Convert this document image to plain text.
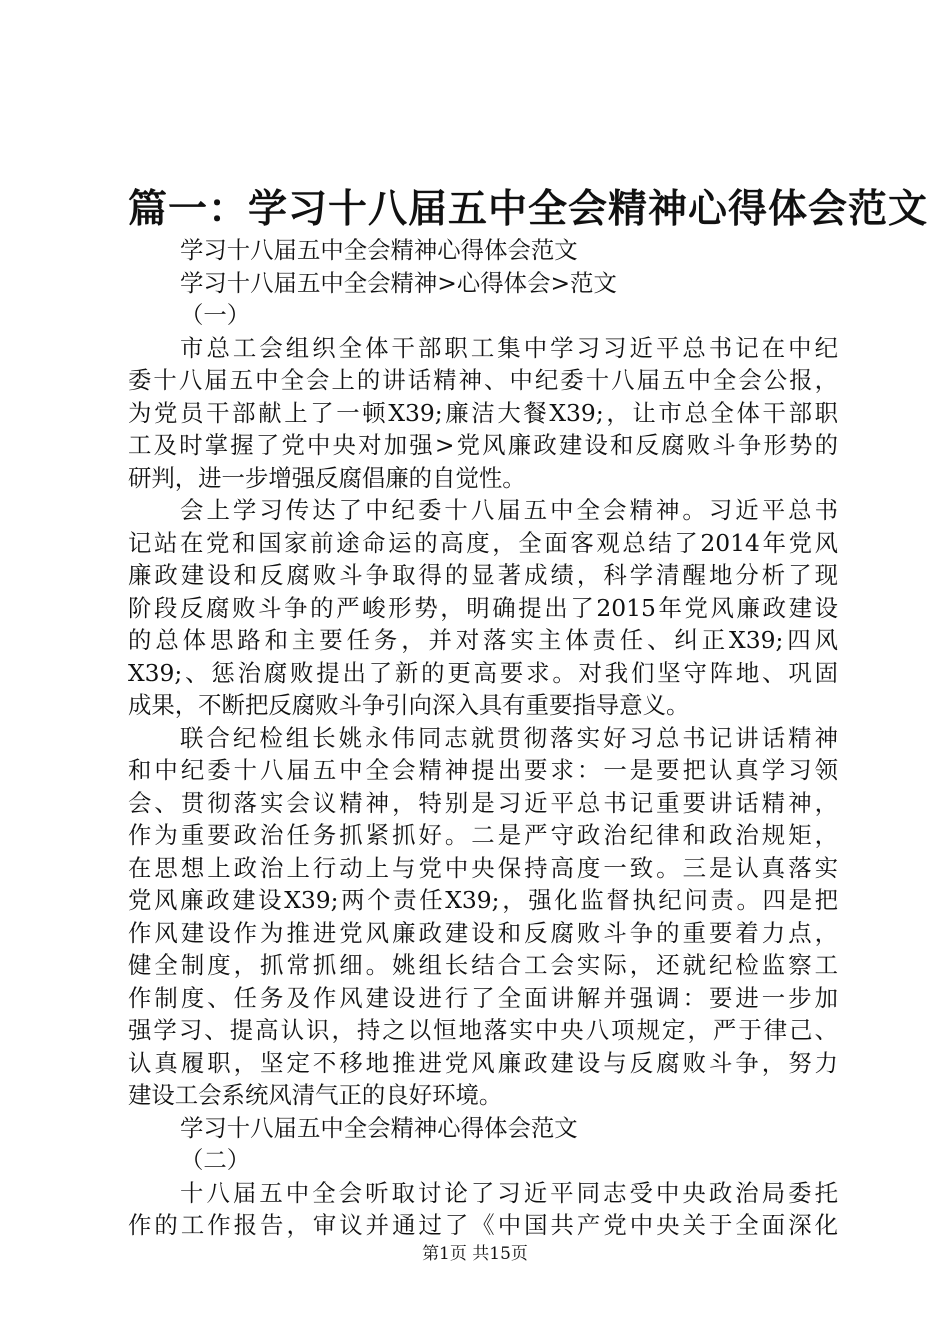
篇一：学习十八届五中全会精神心得体会范文
学习十八届五中全会精神心得体会范文
学习十八届五中全会精神>心得体会>范文
（一）
市总工会组织全体干部职工集中学习习近平总书记在中纪
委十八届五中全会上的讲话精神、中纪委十八届五中全会公报，
为党员干部献上了一顿X39;廉洁大餐X39;，让市总全体干部职
工及时掌握了党中央对加强>党风廉政建设和反腐败斗争形势的
研判，进一步增强反腐倡廉的自觉性。
会上学习传达了中纪委十八届五中全会精神。习近平总书
记站在党和国家前途命运的高度，全面客观总结了2014年党风
廉政建设和反腐败斗争取得的显著成绩，科学清醒地分析了现
阶段反腐败斗争的严峻形势，明确提出了2015年党风廉政建设
的总体思路和主要任务，并对落实主体责任、纠正X39;四风
X39;、惩治腐败提出了新的更高要求。对我们坚守阵地、巩固
成果，不断把反腐败斗争引向深入具有重要指导意义。
联合纪检组长姚永伟同志就贯彻落实好习总书记讲话精神
和中纪委十八届五中全会精神提出要求：一是要把认真学习领
会、贯彻落实会议精神，特别是习近平总书记重要讲话精神，
作为重要政治任务抓紧抓好。二是严守政治纪律和政治规矩，
在思想上政治上行动上与党中央保持高度一致。三是认真落实
党风廉政建设X39;两个责任X39;，强化监督执纪问责。四是把
作风建设作为推进党风廉政建设和反腐败斗争的重要着力点，
健全制度，抓常抓细。姚组长结合工会实际，还就纪检监察工
作制度、任务及作风建设进行了全面讲解并强调：要进一步加
强学习、提高认识，持之以恒地落实中央八项规定，严于律己、
认真履职，坚定不移地推进党风廉政建设与反腐败斗争，努力
建设工会系统风清气正的良好环境。
学习十八届五中全会精神心得体会范文
（二）
十八届五中全会听取讨论了习近平同志受中央政治局委托
作的工作报告，审议并通过了《中国共产党中央关于全面深化
第1页 共15页
